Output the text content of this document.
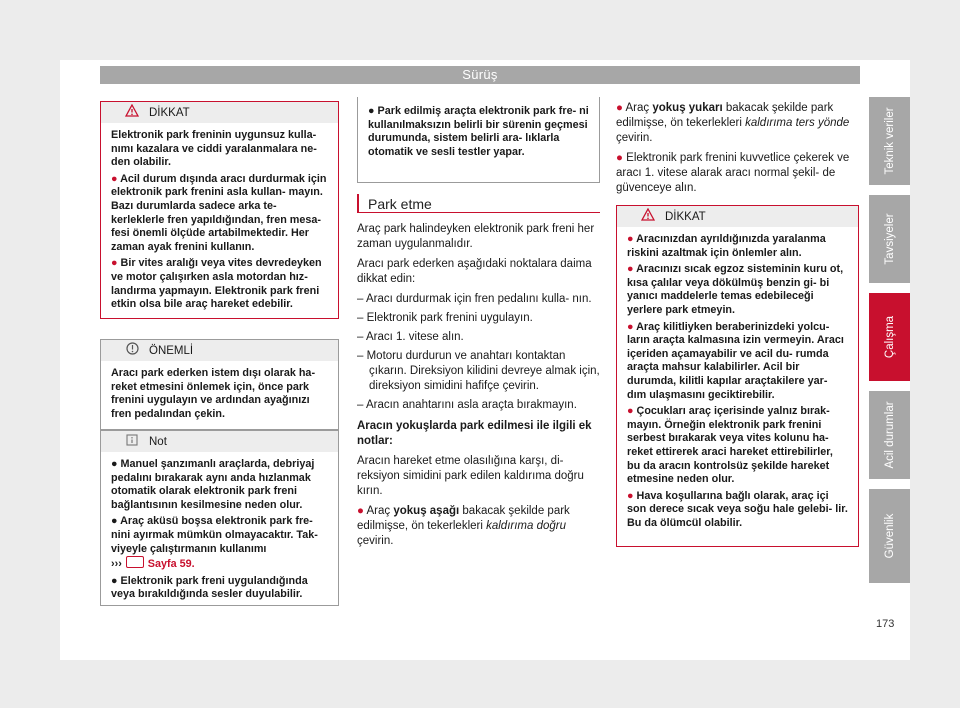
Sürüş
DİKKAT

Elektronik park freninin uygunsuz kulla- nımı kazalara ve ciddi yaralanmalara ne- den olabilir.

● Acil durum dışında aracı durdurmak için elektronik park frenini asla kullan- mayın. Bazı durumlarda sadece arka te- kerleklerle fren yapıldığından, fren mesa- fesi önemli ölçüde artabilmektedir. Her zaman ayak frenini kullanın.

● Bir vites aralığı veya vites devredeyken ve motor çalışırken asla motordan hız- landırma yapmayın. Elektronik park freni etkin olsa bile araç hareket edebilir.

ÖNEMLİ

Aracı park ederken istem dışı olarak ha- reket etmesini önlemek için, önce park frenini uygulayın ve ardından ayağınızı fren pedalından çekin.

Not

● Manuel şanzımanlı araçlarda, debriyaj pedalını bırakarak aynı anda hızlanmak otomatik olarak elektronik park freni bağlantısının kesilmesine neden olur.

● Araç aküsü boşsa elektronik park fre- nini ayırmak mümkün olmayacaktır. Tak- viyeyle çalıştırmanın kullanımı
››› Sayfa 59.

● Elektronik park freni uygulandığında veya bırakıldığında sesler duyulabilir.

● Park edilmiş araçta elektronik park fre- ni kullanılmaksızın belirli bir sürenin geçmesi durumunda, sistem belirli ara- lıklarla otomatik ve sesli testler yapar.

Park etme

Araç park halindeyken elektronik park freni her zaman uygulanmalıdır.

Aracı park ederken aşağıdaki noktalara daima dikkat edin:

– Aracı durdurmak için fren pedalını kulla- nın.

– Elektronik park frenini uygulayın.

– Aracı 1. vitese alın.

– Motoru durdurun ve anahtarı kontaktan çıkarın. Direksiyon kilidini devreye almak için, direksiyon simidini hafifçe çevirin.

– Aracın anahtarını asla araçta bırakmayın.

Aracın yokuşlarda park edilmesi ile ilgili ek notlar:

Aracın hareket etme olasılığına karşı, di- reksiyon simidini park edilen kaldırıma doğru kırın.

● Araç yokuş aşağı bakacak şekilde park edilmişse, ön tekerlekleri kaldırıma doğru çevirin.

● Araç yokuş yukarı bakacak şekilde park edilmişse, ön tekerlekleri kaldırıma ters yönde çevirin.

● Elektronik park frenini kuvvetlice çekerek ve aracı 1. vitese alarak aracı normal şekil- de güvenceye alın.

DİKKAT

● Aracınızdan ayrıldığınızda yaralanma riskini azaltmak için önlemler alın.

● Aracınızı sıcak egzoz sisteminin kuru ot, kısa çalılar veya dökülmüş benzin gi- bi yanıcı maddelerle temas edebileceği yerlere park etmeyin.

● Araç kilitliyken beraberinizdeki yolcu- ların araçta kalmasına izin vermeyin. Aracı içeriden açamayabilir ve acil du- rumda araçta mahsur kalabilirler. Acil bir durumda, kilitli kapılar araçtakilere yar- dım ulaşmasını geciktirebilir.

● Çocukları araç içerisinde yalnız bırak- mayın. Örneğin elektronik park frenini serbest bırakarak veya vites kolunu ha- reket ettirerek araci hareket ettirebilirler, bu da aracın kontrolsüz şekilde hareket etmesine neden olur.

● Hava koşullarına bağlı olarak, araç içi son derece sıcak veya soğu hale gelebi- lir. Bu da ölümcül olabilir.

Teknik veriler
Tavsiyeler
Çalışma
Acil durumlar
Güvenlik
173
